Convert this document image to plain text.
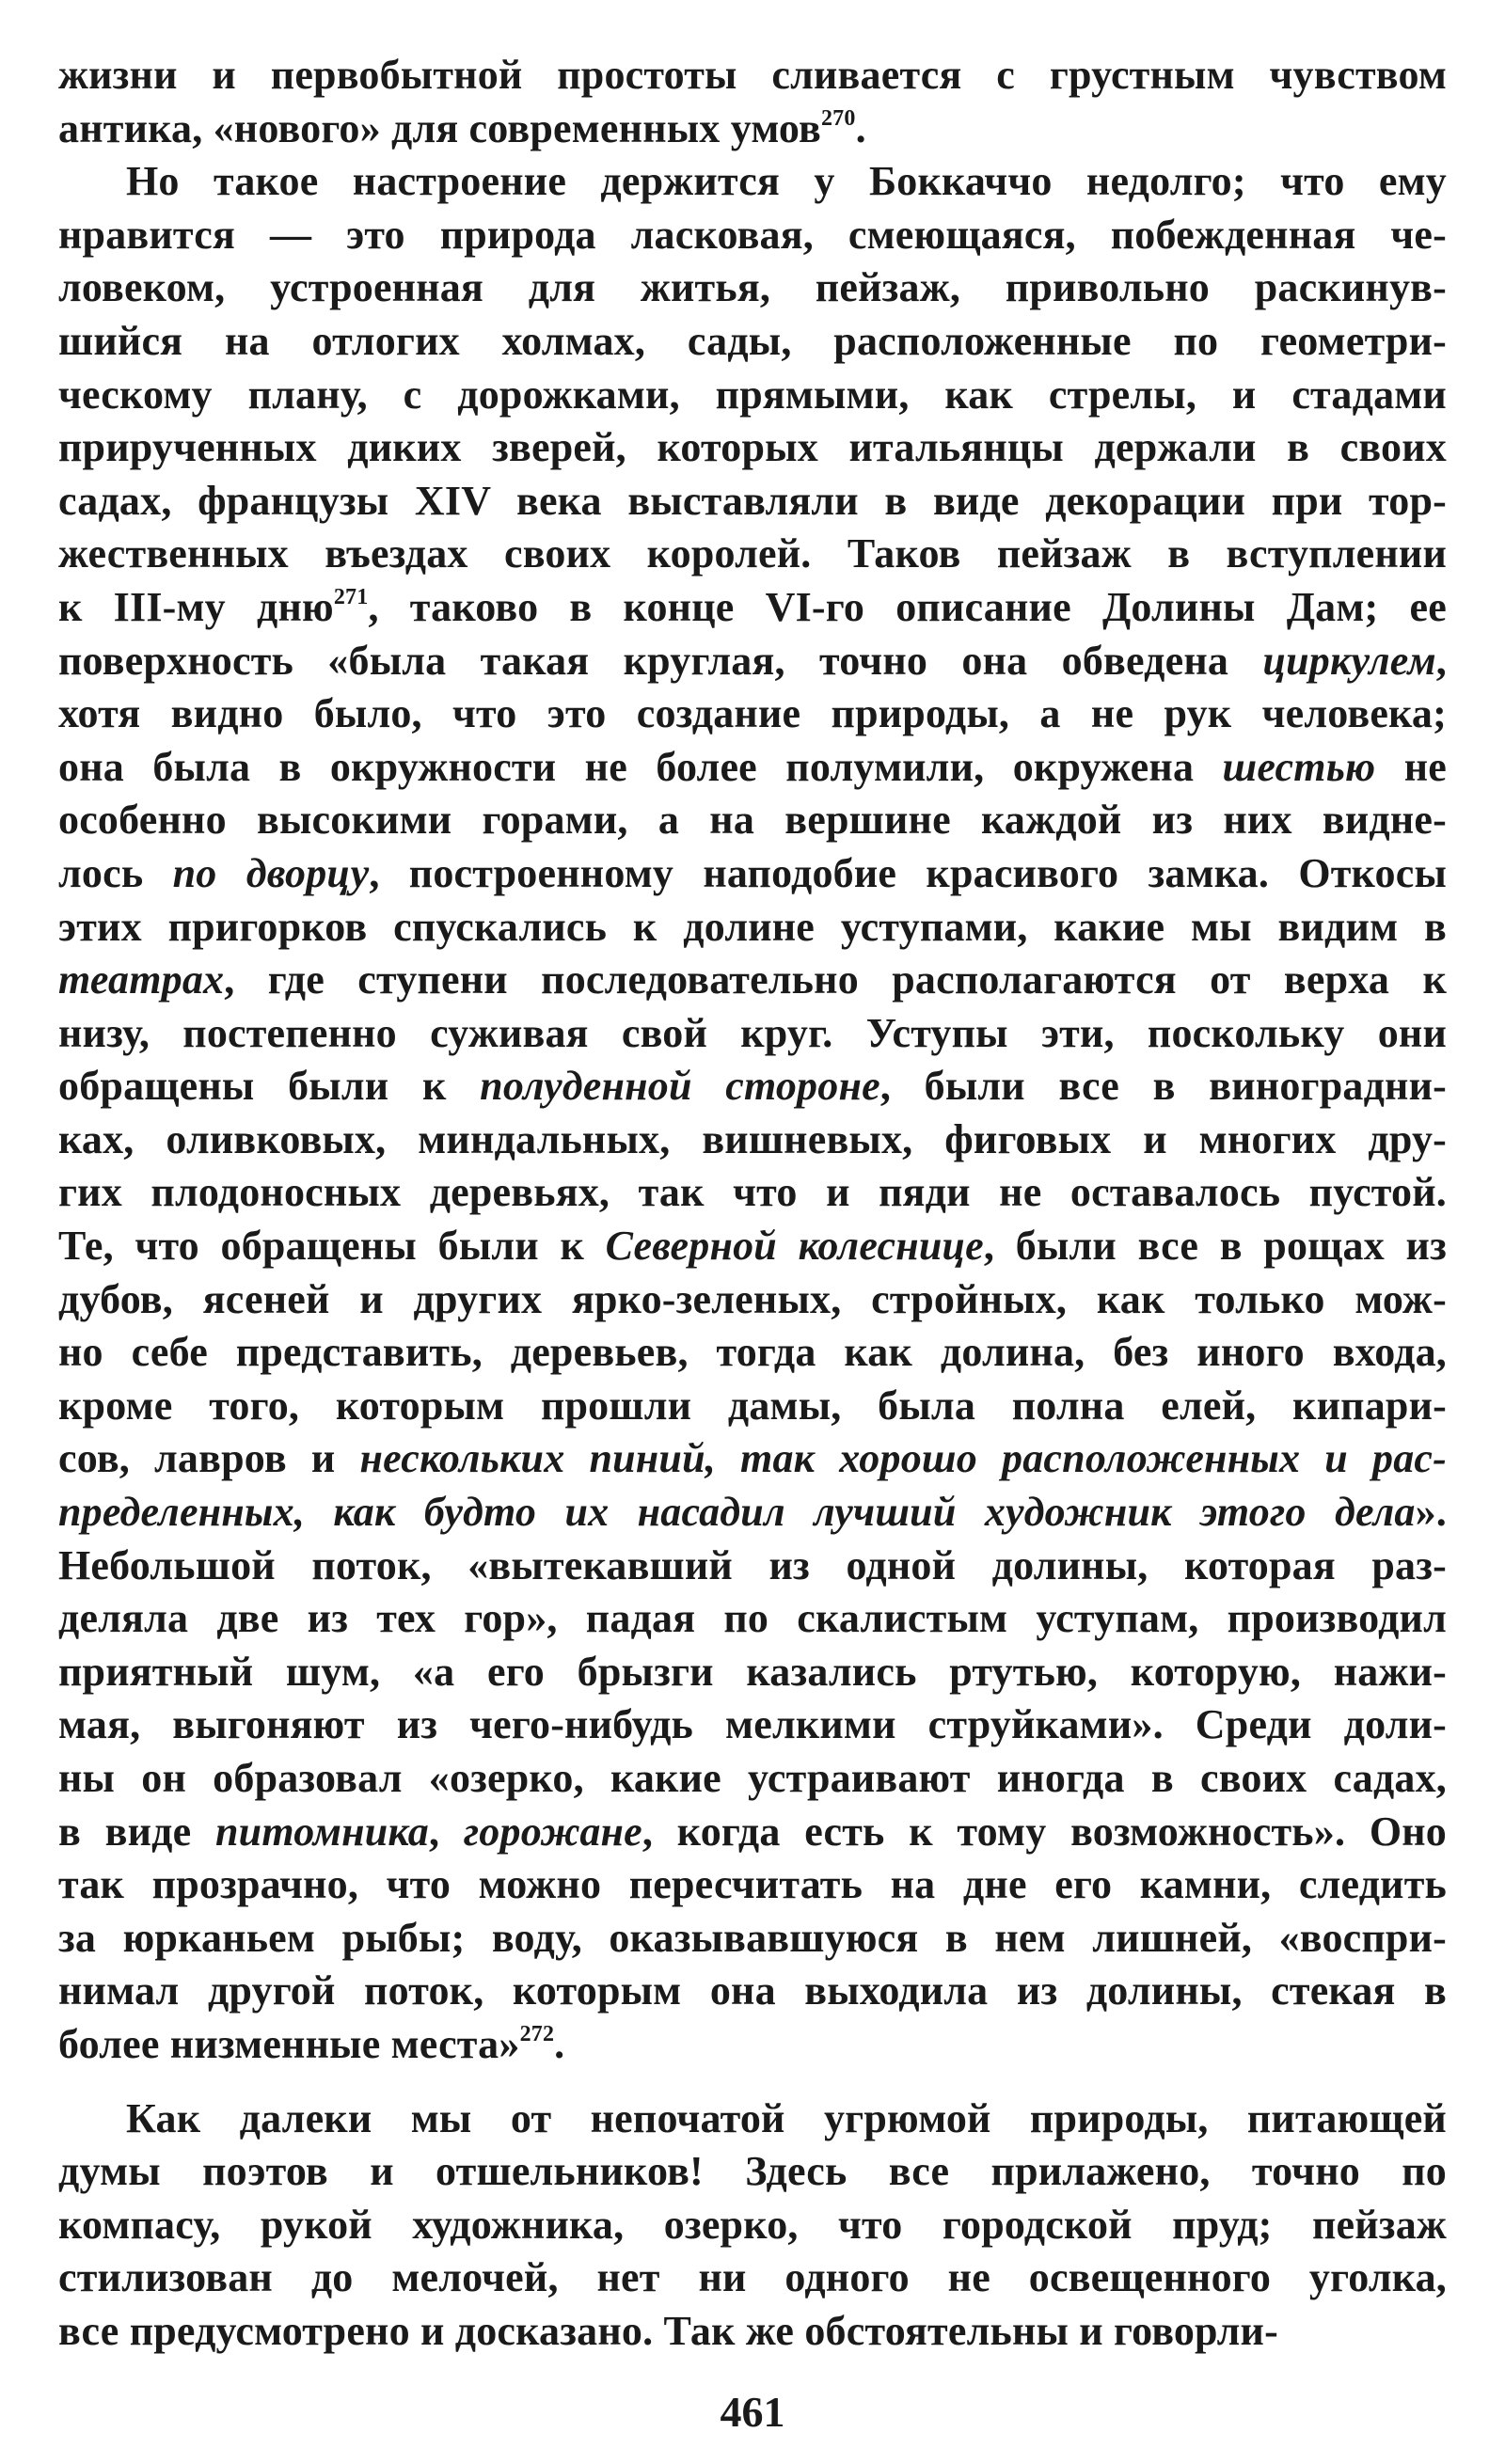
жизни и первобытной простоты сливается с грустным чувством
антика, «нового» для современных умов$^{270}$.
Но такое настроение держится у Боккаччо недолго; что ему
нравится — это природа ласковая, смеющаяся, побежденная че-
ловеком, устроенная для житья, пейзаж, привольно раскинув-
шийся на отлогих холмах, сады, расположенные по геометри-
ческому плану, с дорожками, прямыми, как стрелы, и стадами
прирученных диких зверей, которых итальянцы держали в своих
садах, французы XIV века выставляли в виде декорации при тор-
жественных въездах своих королей. Таков пейзаж в вступлении
к III-му дню$^{271}$, таково в конце VI-го описание Долины Дам; ее
поверхность «была такая круглая, точно она обведена циркулем,
хотя видно было, что это создание природы, а не рук человека;
она была в окружности не более полумили, окружена шестью не
особенно высокими горами, а на вершине каждой из них видне-
лось по дворцу, построенному наподобие красивого замка. Откосы
этих пригорков спускались к долине уступами, какие мы видим в
театрах, где ступени последовательно располагаются от верха к
низу, постепенно суживая свой круг. Уступы эти, поскольку они
обращены были к полуденной стороне, были все в виноградни-
ках, оливковых, миндальных, вишневых, фиговых и многих дру-
гих плодоносных деревьях, так что и пяди не оставалось пустой.
Те, что обращены были к Северной колеснице, были все в рощах из
дубов, ясеней и других ярко-зеленых, стройных, как только мож-
но себе представить, деревьев, тогда как долина, без иного входа,
кроме того, которым прошли дамы, была полна елей, кипари-
сов, лавров и нескольких пиний, так хорошо расположенных и рас-
пределенных, как будто их насадил лучший художник этого дела».
Небольшой поток, «вытекавший из одной долины, которая раз-
деляла две из тех гор», падая по скалистым уступам, производил
приятный шум, «а его брызги казались ртутью, которую, нажи-
мая, выгоняют из чего-нибудь мелкими струйками». Среди доли-
ны он образовал «озерко, какие устраивают иногда в своих садах,
в виде питомника, горожане, когда есть к тому возможность». Оно
так прозрачно, что можно пересчитать на дне его камни, следить
за юрканьем рыбы; воду, оказывавшуюся в нем лишней, «воспри-
нимал другой поток, которым она выходила из долины, стекая в
более низменные места»$^{272}$.
Как далеки мы от непочатой угрюмой природы, питающей
думы поэтов и отшельников! Здесь все прилажено, точно по
компасу, рукой художника, озерко, что городской пруд; пейзаж
стилизован до мелочей, нет ни одного не освещенного уголка,
все предусмотрено и досказано. Так же обстоятельны и говорли-
461
